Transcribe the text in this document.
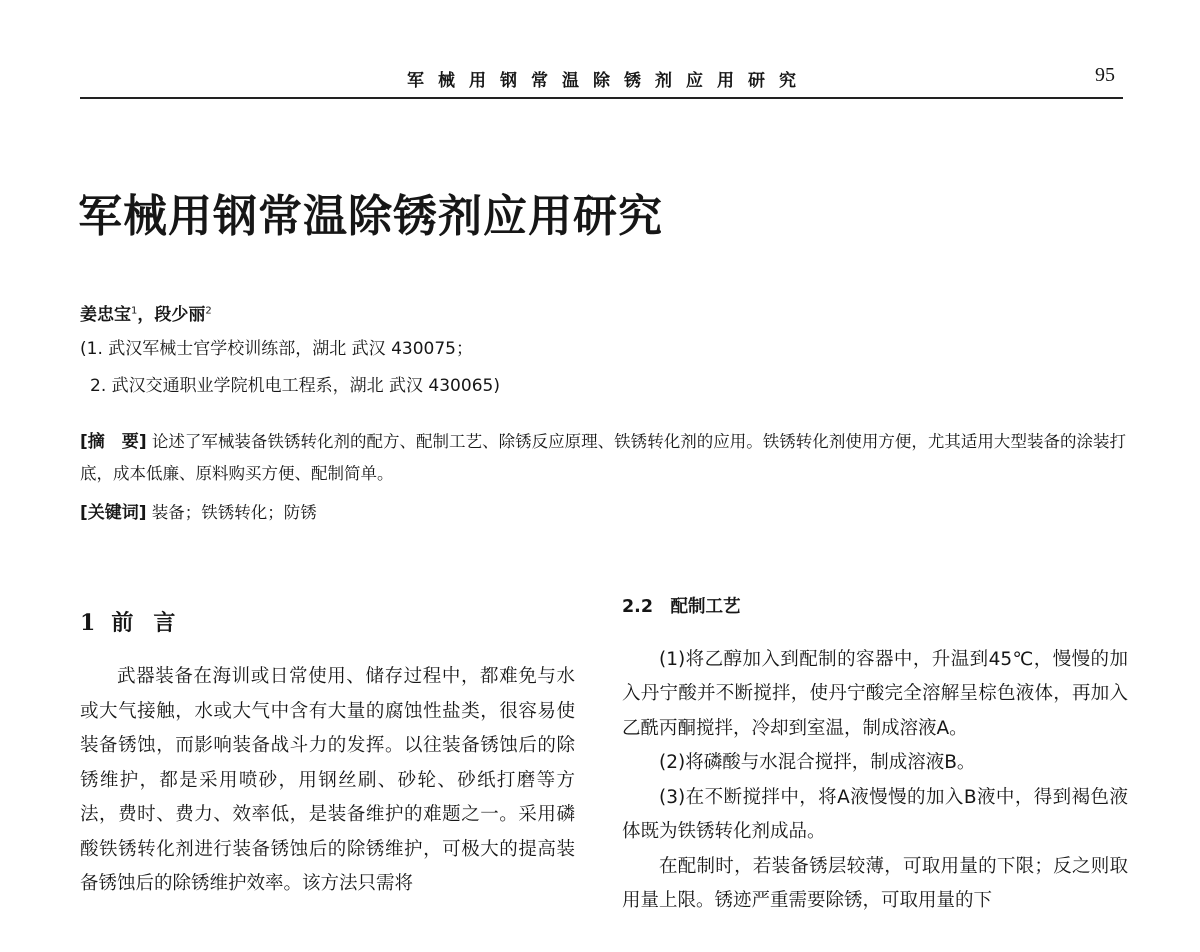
军械用钢常温除锈剂应用研究	95
军械用钢常温除锈剂应用研究
姜忠宝$^1$，段少丽$^2$
(1. 武汉军械士官学校训练部，湖北 武汉 430075；
2. 武汉交通职业学院机电工程系，湖北 武汉 430065)
[摘　要] 论述了军械装备铁锈转化剂的配方、配制工艺、除锈反应原理、铁锈转化剂的应用。铁锈转化剂使用方便，尤其适用大型装备的涂装打底，成本低廉、原料购买方便、配制简单。
[关键词] 装备；铁锈转化；防锈
1 前言

武器装备在海训或日常使用、储存过程中，都难免与水或大气接触，水或大气中含有大量的腐蚀性盐类，很容易使装备锈蚀，而影响装备战斗力的发挥。以往装备锈蚀后的除锈维护，都是采用喷砂，用钢丝刷、砂轮、砂纸打磨等方法，费时、费力、效率低，是装备维护的难题之一。采用磷酸铁锈转化剂进行装备锈蚀后的除锈维护，可极大的提高装备锈蚀后的除锈维护效率。该方法只需将

2.2　配制工艺

(1)将乙醇加入到配制的容器中，升温到45℃，慢慢的加入丹宁酸并不断搅拌，使丹宁酸完全溶解呈棕色液体，再加入乙酰丙酮搅拌，冷却到室温，制成溶液A。

(2)将磷酸与水混合搅拌，制成溶液B。

(3)在不断搅拌中，将A液慢慢的加入B液中，得到褐色液体既为铁锈转化剂成品。

在配制时，若装备锈层较薄，可取用量的下限；反之则取用量上限。锈迹严重需要除锈，可取用量的下
